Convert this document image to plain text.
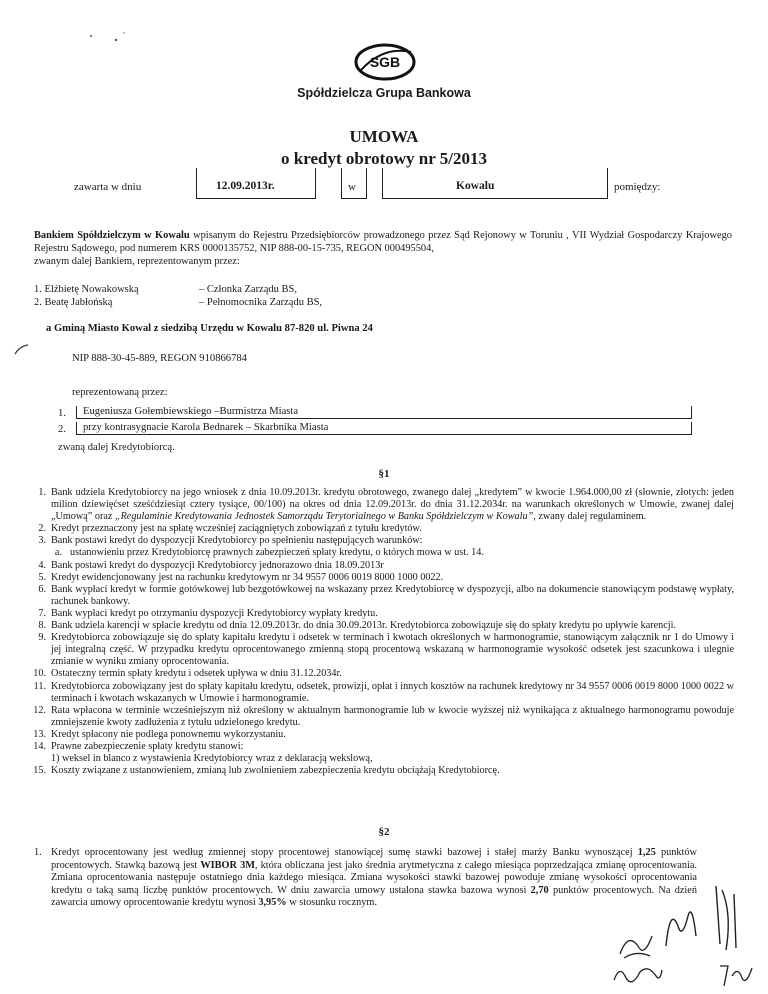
SGB
Spółdzielcza Grupa Bankowa
UMOWA
o kredyt obrotowy nr 5/2013
zawarta w dniu	12.09.2013r.	w	Kowalu	pomiędzy:
Bankiem Spółdzielczym w Kowalu wpisanym do Rejestru Przedsiębiorców prowadzonego przez Sąd Rejonowy w Toruniu , VII Wydział Gospodarczy Krajowego Rejestru Sądowego, pod numerem KRS 0000135752, NIP 888-00-15-735, REGON 000495504,
zwanym dalej Bankiem, reprezentowanym przez:
1. Elżbietę Nowakowską	– Członka Zarządu BS,
2. Beatę Jabłońską	– Pełnomocnika Zarządu BS,
a Gminą Miasto Kowal z siedzibą Urzędu w Kowalu 87-820 ul. Piwna 24
NIP 888-30-45-889, REGON 910866784
reprezentowaną przez:
1.	Eugeniusza Gołembiewskiego –Burmistrza Miasta
2.	przy kontrasygnacie Karola Bednarek – Skarbnika Miasta
zwaną dalej Kredytobiorcą.
§1
1. Bank udziela Kredytobiorcy na jego wniosek z dnia 10.09.2013r. kredytu obrotowego, zwanego dalej „kredytem” w kwocie 1.964.000,00 zł (słownie, złotych: jeden milion dziewięćset sześćdziesiąt cztery tysiące, 00/100) na okres od dnia 12.09.2013r. do dnia 31.12.2034r. na warunkach określonych w Umowie, zwanej dalej „Umową” oraz „Regulaminie Kredytowania Jednostek Samorządu Terytorialnego w Banku Spółdzielczym w Kowalu”, zwany dalej regulaminem.
2. Kredyt przeznaczony jest na spłatę wcześniej zaciągniętych zobowiązań z tytułu kredytów.
3. Bank postawi kredyt do dyspozycji Kredytobiorcy po spełnieniu następujących warunków:
a. ustanowieniu przez Kredytobiorcę prawnych zabezpieczeń spłaty kredytu, o których mowa w ust. 14.
4. Bank postawi kredyt do dyspozycji Kredytobiorcy jednorazowo dnia 18.09.2013r
5. Kredyt ewidencjonowany jest na rachunku kredytowym nr 34 9557 0006 0019 8000 1000 0022.
6. Bank wypłaci kredyt w formie gotówkowej lub bezgotówkowej na wskazany przez Kredytobiorcę w dyspozycji, albo na dokumencie stanowiącym podstawę wypłaty, rachunek bankowy.
7. Bank wypłaci kredyt po otrzymaniu dyspozycji Kredytobiorcy wypłaty kredytu.
8. Bank udziela karencji w spłacie kredytu od dnia 12.09.2013r. do dnia 30.09.2013r. Kredytobiorca zobowiązuje się do spłaty kredytu po upływie karencji.
9. Kredytobiorca zobowiązuje się do spłaty kapitału kredytu i odsetek w terminach i kwotach określonych w harmonogramie, stanowiącym załącznik nr 1 do Umowy i jej integralną część. W przypadku kredytu oprocentowanego zmienną stopą procentową wskazaną w harmonogramie wysokość odsetek jest szacunkowa i ulegnie zmianie w wyniku zmiany oprocentowania.
10. Ostateczny termin spłaty kredytu i odsetek upływa w dniu 31.12.2034r.
11. Kredytobiorca zobowiązany jest do spłaty kapitału kredytu, odsetek, prowizji, opłat i innych kosztów na rachunek kredytowy nr 34 9557 0006 0019 8000 1000 0022 w terminach i kwotach wskazanych w Umowie i harmonogramie.
12. Rata wpłacona w terminie wcześniejszym niż określony w aktualnym harmonogramie lub w kwocie wyższej niż wynikająca z aktualnego harmonogramu powoduje zmniejszenie kwoty zadłużenia z tytułu udzielonego kredytu.
13. Kredyt spłacony nie podlega ponownemu wykorzystaniu.
14. Prawne zabezpieczenie spłaty kredytu stanowi:
1) weksel in blanco z wystawienia Kredytobiorcy wraz z deklaracją wekslową,
15. Koszty związane z ustanowieniem, zmianą lub zwolnieniem zabezpieczenia kredytu obciążają Kredytobiorcę.
§2
1. Kredyt oprocentowany jest według zmiennej stopy procentowej stanowiącej sumę stawki bazowej i stałej marży Banku wynoszącej 1,25 punktów procentowych. Stawką bazową jest WIBOR 3M, która obliczana jest jako średnia arytmetyczna z całego miesiąca poprzedzająca zmianę oprocentowania. Zmiana oprocentowania następuje ostatniego dnia każdego miesiąca. Zmiana wysokości stawki bazowej powoduje zmianę wysokości oprocentowania kredytu o taką samą liczbę punktów procentowych. W dniu zawarcia umowy ustalona stawka bazowa wynosi 2,70 punktów procentowych. Na dzień zawarcia umowy oprocentowanie kredytu wynosi 3,95% w stosunku rocznym.
